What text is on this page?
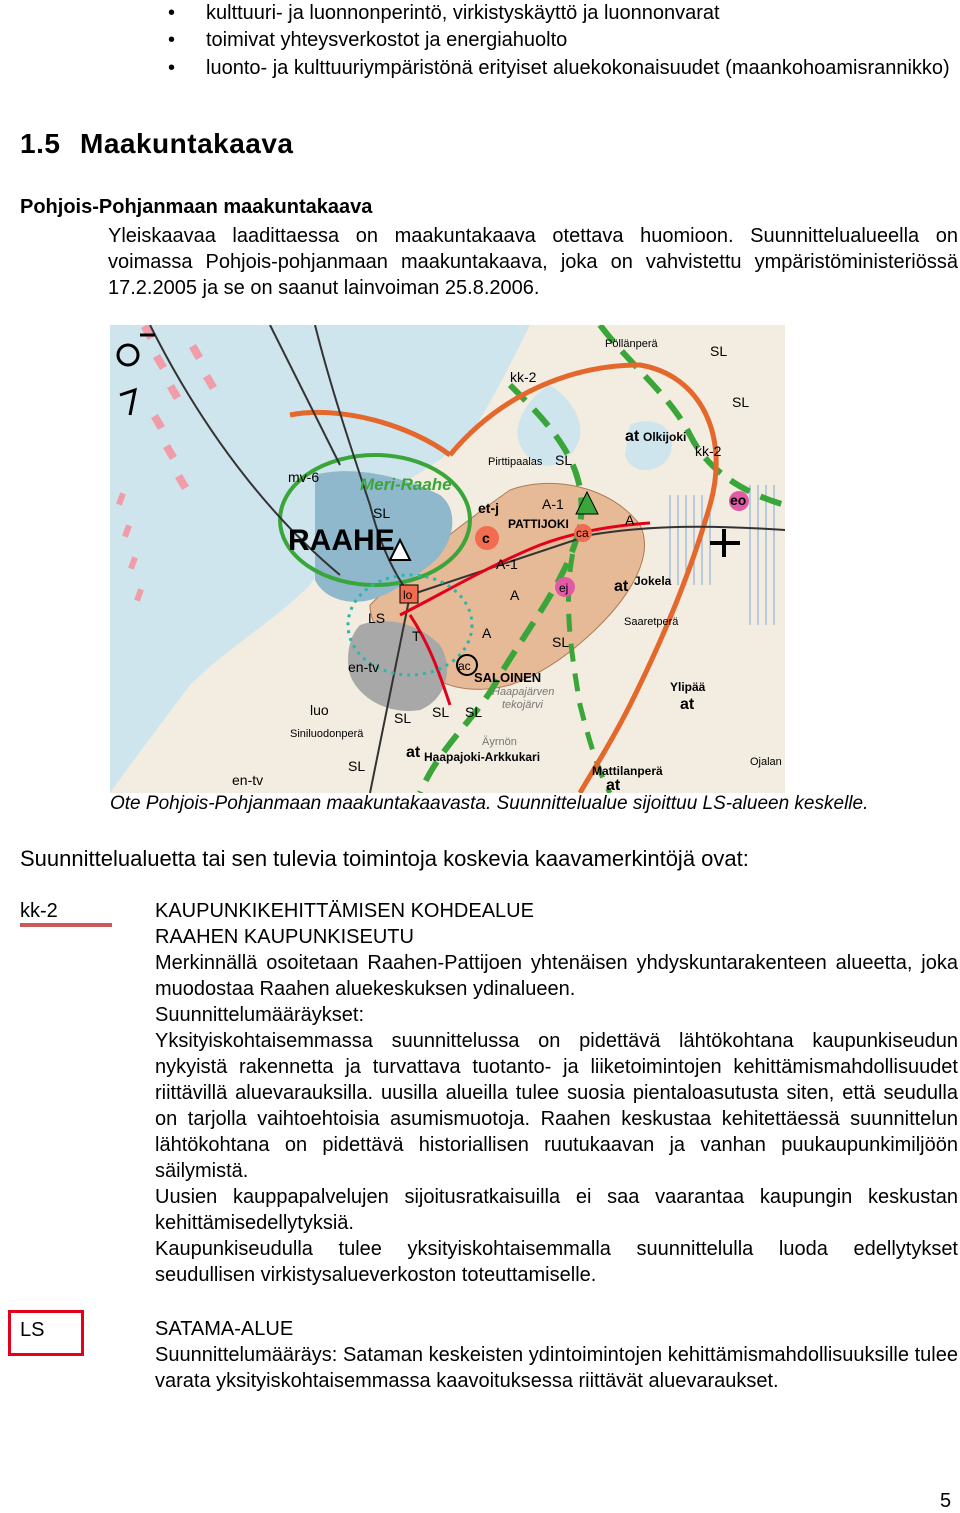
• kulttuuri- ja luonnonperintö, virkistyskäyttö ja luonnonvarat
• toimivat yhteysverkostot ja energiahuolto
• luonto- ja kulttuuriympäristönä erityiset aluekokonaisuudet (maankohoamisrannikko)
1.5 Maakuntakaava
Pohjois-Pohjanmaan maakuntakaava
Yleiskaavaa laadittaessa on maakuntakaava otettava huomioon. Suunnittelualueella on voimassa Pohjois-pohjanmaan maakuntakaava, joka on vahvistettu ympäristöministeriössä 17.2.2005 ja se on saanut lainvoiman 25.8.2006.
Pöllänperä
kk-2
kk-2
SL
SL
SL
SL
SL
SL SL SL
SL
at
at
at
at
at
Olkijoki
eo
mv-6 Meri-Raahe
RAAHE
et-j
c
PATTIJOKI
A-1
A-1
ca
A
A
A
ej	Jokela
lo
LS
T
en-tv
en-tv
ac
SALOINEN
Haapajärven
tekojärvi
luo
Siniluodonperä
Ylipää
Haapajoki-Arkkukari
Mattilanperä
Saaretperä
Ojalan
Pirttipaalas
Äyrnön
Ote Pohjois-Pohjanmaan maakuntakaavasta. Suunnittelualue sijoittuu LS-alueen keskelle.
Suunnittelualuetta tai sen tulevia toimintoja koskevia kaavamerkintöjä ovat:
kk-2	KAUPUNKIKEHITTÄMISEN KOHDEALUE

RAAHEN KAUPUNKISEUTU

Merkinnällä osoitetaan Raahen-Pattijoen yhtenäisen yhdyskuntarakenteen alueetta, joka muodostaa Raahen aluekeskuksen ydinalueen.

Suunnittelumääräykset:

Yksityiskohtaisemmassa suunnittelussa on pidettävä lähtökohtana kaupunkiseudun nykyistä rakennetta ja turvattava tuotanto- ja liiketoimintojen kehittämismahdollisuudet riittävillä aluevarauksilla. uusilla alueilla tulee suosia pientaloasutusta siten, että seudulla on tarjolla vaihtoehtoisia asumismuotoja. Raahen keskustaa kehitettäessä suunnittelun lähtökohtana on pidettävä historiallisen ruutukaavan ja vanhan puukaupunkimiljöön säilymistä.

Uusien kauppapalvelujen sijoitusratkaisuilla ei saa vaarantaa kaupungin keskustan kehittämisedellytyksiä.

Kaupunkiseudulla tulee yksityiskohtaisemmalla suunnittelulla luoda edellytykset seudullisen virkistysalueverkoston toteuttamiselle.

LS	SATAMA-ALUE

Suunnittelumääräys: Sataman keskeisten ydintoimintojen kehittämismahdollisuuksille tulee varata yksityiskohtaisemmassa kaavoituksessa riittävät aluevaraukset.

5
